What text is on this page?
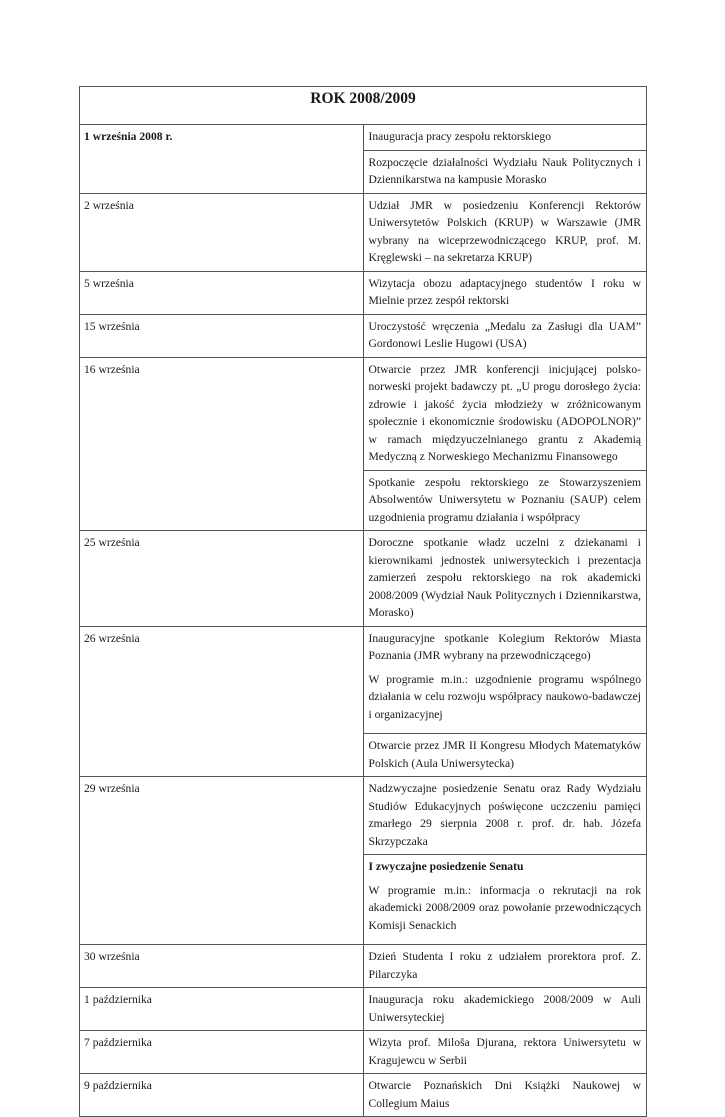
ROK 2008/2009	
1 września 2008 r.	Inauguracja pracy zespołu rektorskiego

Rozpoczęcie działalności Wydziału Nauk Politycznych i Dziennikarstwa na kampusie Morasko

2 września	Udział JMR w posiedzeniu Konferencji Rektorów Uniwersytetów Polskich (KRUP) w Warszawie (JMR wybrany na wiceprzewodniczącego KRUP, prof. M. Kręglewski – na sekretarza KRUP)

5 września	Wizytacja obozu adaptacyjnego studentów I roku w Mielnie przez zespół rektorski

15 września	Uroczystość wręczenia „Medalu za Zasługi dla UAM” Gordonowi Leslie Hugowi (USA)

16 września	Otwarcie przez JMR konferencji inicjującej polsko-norweski projekt badawczy pt. „U progu dorosłego życia: zdrowie i jakość życia młodzieży w zróżnicowanym społecznie i ekonomicznie środowisku (ADOPOLNOR)” w ramach międzyuczelnianego grantu z Akademią Medyczną z Norweskiego Mechanizmu Finansowego

Spotkanie zespołu rektorskiego ze Stowarzyszeniem Absolwentów Uniwersytetu w Poznaniu (SAUP) celem uzgodnienia programu działania i współpracy

25 września	Doroczne spotkanie władz uczelni z dziekanami i kierownikami jednostek uniwersyteckich i prezentacja zamierzeń zespołu rektorskiego na rok akademicki 2008/2009 (Wydział Nauk Politycznych i Dziennikarstwa, Morasko)

26 września	Inauguracyjne spotkanie Kolegium Rektorów Miasta Poznania (JMR wybrany na przewodniczącego)

W programie m.in.: uzgodnienie programu wspólnego działania w celu rozwoju współpracy naukowo-badawczej i organizacyjnej

Otwarcie przez JMR II Kongresu Młodych Matematyków Polskich (Aula Uniwersytecka)

29 września	Nadzwyczajne posiedzenie Senatu oraz Rady Wydziału Studiów Edukacyjnych poświęcone uczczeniu pamięci zmarłego 29 sierpnia 2008 r. prof. dr. hab. Józefa Skrzypczaka

I zwyczajne posiedzenie Senatu

W programie m.in.: informacja o rekrutacji na rok akademicki 2008/2009 oraz powołanie przewodniczących Komisji Senackich

30 września	Dzień Studenta I roku z udziałem prorektora prof. Z. Pilarczyka

1 października	Inauguracja roku akademickiego 2008/2009 w Auli Uniwersyteckiej

7 października	Wizyta prof. Miloša Djurana, rektora Uniwersytetu w Kragujewcu w Serbii

9 października	Otwarcie Poznańskich Dni Książki Naukowej w Collegium Maius
